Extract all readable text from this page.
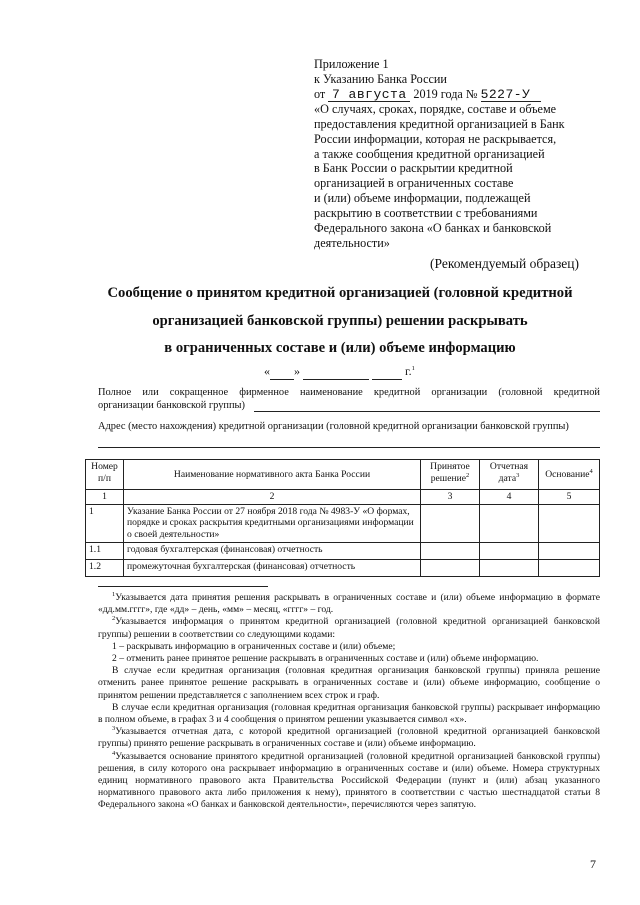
Приложение 1
к Указанию Банка России
от 7 августа 2019 года № 5227-У
«О случаях, сроках, порядке, составе и объеме
предоставления кредитной организацией в Банк
России информации, которая не раскрывается,
а также сообщения кредитной организацией
в Банк России о раскрытии кредитной
организацией в ограниченных составе
и (или) объеме информации, подлежащей
раскрытию в соответствии с требованиями
Федерального закона «О банках и банковской
деятельности»
(Рекомендуемый образец)
Сообщение о принятом кредитной организацией (головной кредитной
организацией банковской группы) решении раскрывать
в ограниченных составе и (или) объеме информацию
« »	г.$^1$
Полное или сокращенное фирменное наименование кредитной организации (головной кредитной
организации банковской группы)
Адрес (место нахождения) кредитной организации (головной кредитной организации банковской группы)
Номер п/п	Наименование нормативного акта Банка России	Принятое решение$^2$	Отчетная дата$^3$	Основание$^4$
1	2	3	4	5
1	Указание Банка России от 27 ноября 2018 года № 4983-У «О формах, порядке и сроках раскрытия кредитными организациями информации о своей деятельности»			
1.1	годовая бухгалтерская (финансовая) отчетность			
1.2	промежуточная бухгалтерская (финансовая) отчетность			

$^1$Указывается дата принятия решения раскрывать в ограниченных составе и (или) объеме информацию в формате «дд.мм.гггг», где «дд» – день, «мм» – месяц, «гггг» – год.

$^2$Указывается информация о принятом кредитной организацией (головной кредитной организацией банковской группы) решении в соответствии со следующими кодами:

1 – раскрывать информацию в ограниченных составе и (или) объеме;

2 – отменить ранее принятое решение раскрывать в ограниченных составе и (или) объеме информацию.

В случае если кредитная организация (головная кредитная организация банковской группы) приняла решение отменить ранее принятое решение раскрывать в ограниченных составе и (или) объеме информацию, сообщение о принятом решении представляется с заполнением всех строк и граф.

В случае если кредитная организация (головная кредитная организация банковской группы) раскрывает информацию в полном объеме, в графах 3 и 4 сообщения о принятом решении указывается символ «х».

$^3$Указывается отчетная дата, с которой кредитной организацией (головной кредитной организацией банковской группы) принято решение раскрывать в ограниченных составе и (или) объеме информацию.

$^4$Указывается основание принятого кредитной организацией (головной кредитной организацией банковской группы) решения, в силу которого она раскрывает информацию в ограниченных составе и (или) объеме. Номера структурных единиц нормативного правового акта Правительства Российской Федерации (пункт и (или) абзац указанного нормативного правового акта либо приложения к нему), принятого в соответствии с частью шестнадцатой статьи 8 Федерального закона «О банках и банковской деятельности», перечисляются через запятую.

7
